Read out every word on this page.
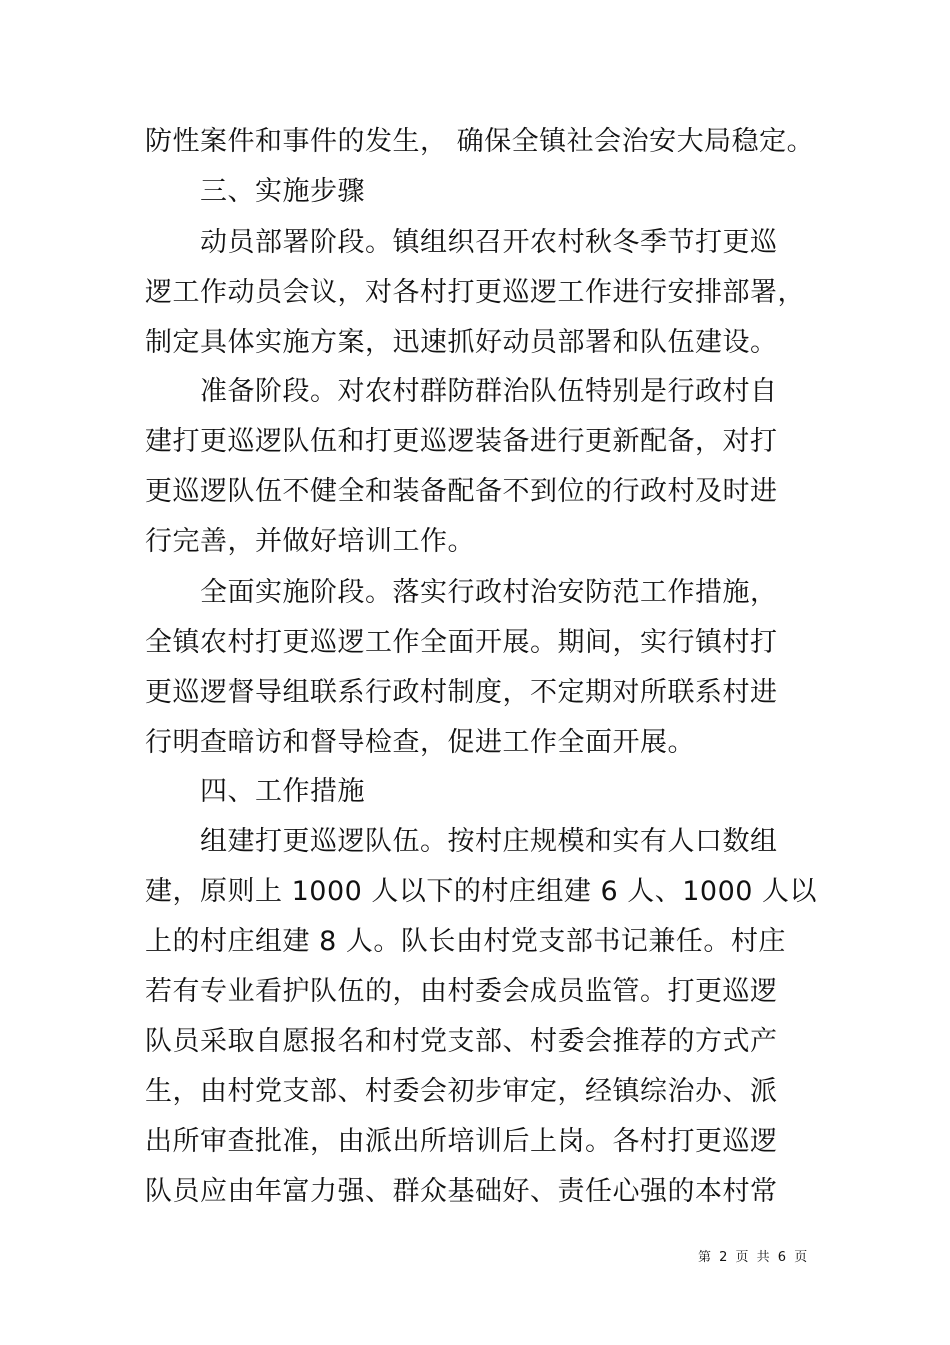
防性案件和事件的发生， 确保全镇社会治安大局稳定。
三、实施步骤
动员部署阶段。镇组织召开农村秋冬季节打更巡
逻工作动员会议，对各村打更巡逻工作进行安排部署，
制定具体实施方案，迅速抓好动员部署和队伍建设。
准备阶段。对农村群防群治队伍特别是行政村自
建打更巡逻队伍和打更巡逻装备进行更新配备，对打
更巡逻队伍不健全和装备配备不到位的行政村及时进
行完善，并做好培训工作。
全面实施阶段。落实行政村治安防范工作措施，
全镇农村打更巡逻工作全面开展。期间，实行镇村打
更巡逻督导组联系行政村制度，不定期对所联系村进
行明查暗访和督导检查，促进工作全面开展。
四、工作措施
组建打更巡逻队伍。按村庄规模和实有人口数组
建，原则上 1000 人以下的村庄组建 6 人、1000 人以
上的村庄组建 8 人。队长由村党支部书记兼任。村庄
若有专业看护队伍的，由村委会成员监管。打更巡逻
队员采取自愿报名和村党支部、村委会推荐的方式产
生，由村党支部、村委会初步审定，经镇综治办、派
出所审查批准，由派出所培训后上岗。各村打更巡逻
队员应由年富力强、群众基础好、责任心强的本村常
第 2 页 共 6 页
